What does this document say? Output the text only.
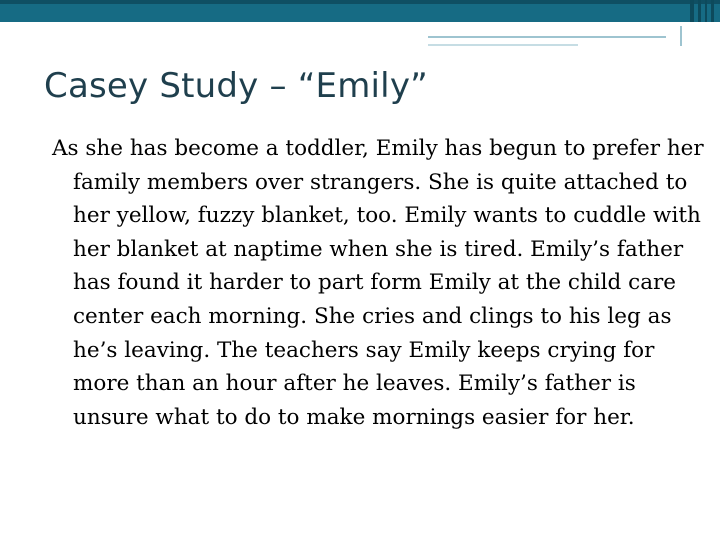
Casey Study – “Emily”

As she has become a toddler, Emily has begun to prefer her family members over strangers. She is quite attached to her yellow, fuzzy blanket, too. Emily wants to cuddle with her blanket at naptime when she is tired. Emily’s father has found it harder to part form Emily at the child care center each morning. She cries and clings to his leg as he’s leaving. The teachers say Emily keeps crying for more than an hour after he leaves. Emily’s father is unsure what to do to make mornings easier for her.
